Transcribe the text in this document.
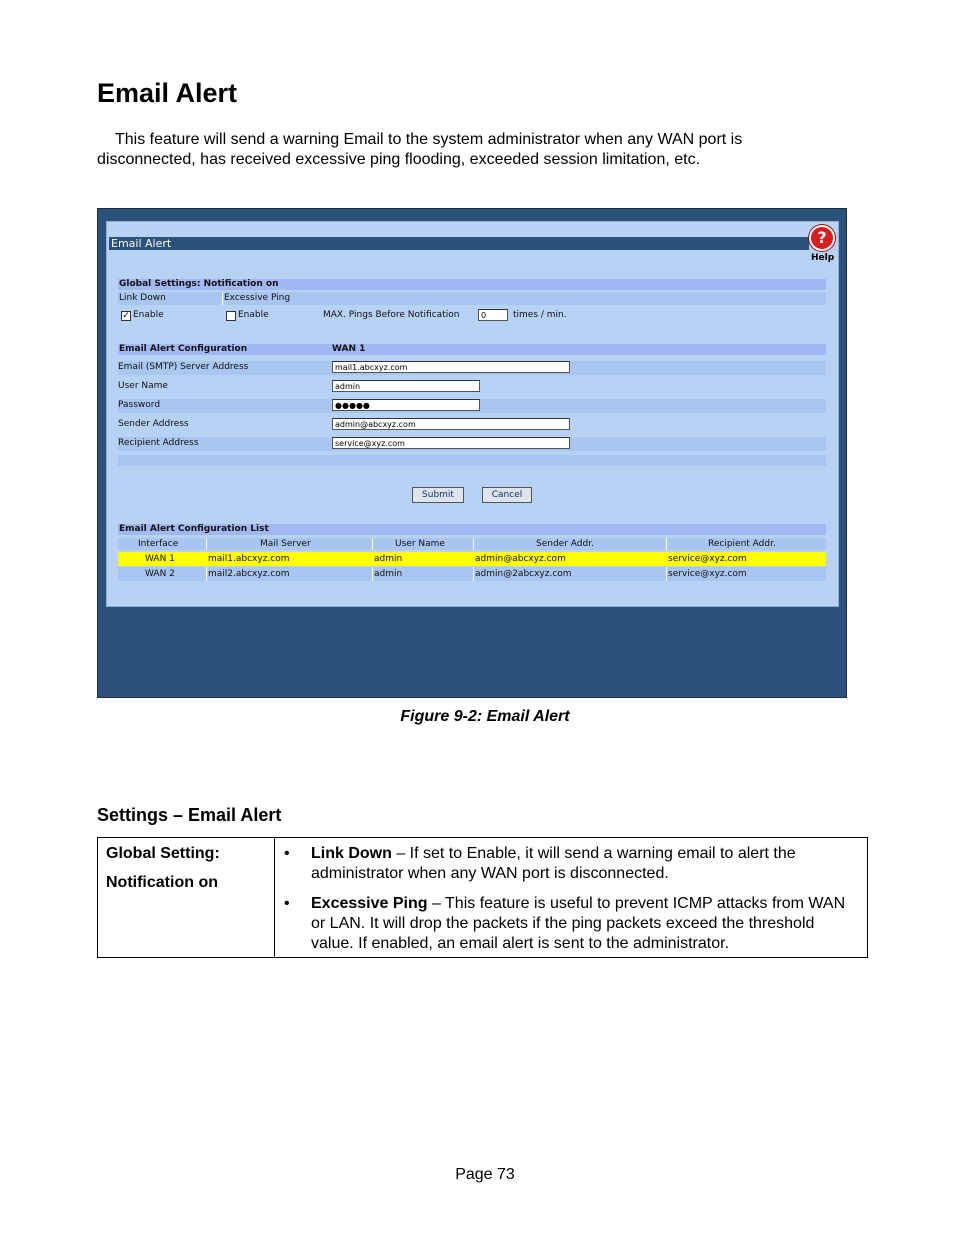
Email Alert
This feature will send a warning Email to the system administrator when any WAN port is disconnected, has received excessive ping flooding, exceeded session limitation, etc.
Email Alert	?
Help
Global Settings: Notification on
Link Down	Excessive Ping
✓ Enable	Enable	MAX. Pings Before Notification	0	times / min.
Email Alert Configuration	WAN 1
Email (SMTP) Server Address	mail1.abcxyz.com
User Name	admin
Password	●●●●●
Sender Address	admin@abcxyz.com
Recipient Address	service@xyz.com
Submit	Cancel
Email Alert Configuration List
Interface	Mail Server	User Name	Sender Addr.	Recipient Addr.
WAN 1	mail1.abcxyz.com	admin	admin@abcxyz.com	service@xyz.com
WAN 2	mail2.abcxyz.com	admin	admin@2abcxyz.com	service@xyz.com
Figure 9-2: Email Alert
Settings – Email Alert
Global Setting:
Notification on
• Link Down – If set to Enable, it will send a warning email to alert the administrator when any WAN port is disconnected.
• Excessive Ping – This feature is useful to prevent ICMP attacks from WAN or LAN. It will drop the packets if the ping packets exceed the threshold value. If enabled, an email alert is sent to the administrator.
Page 73
